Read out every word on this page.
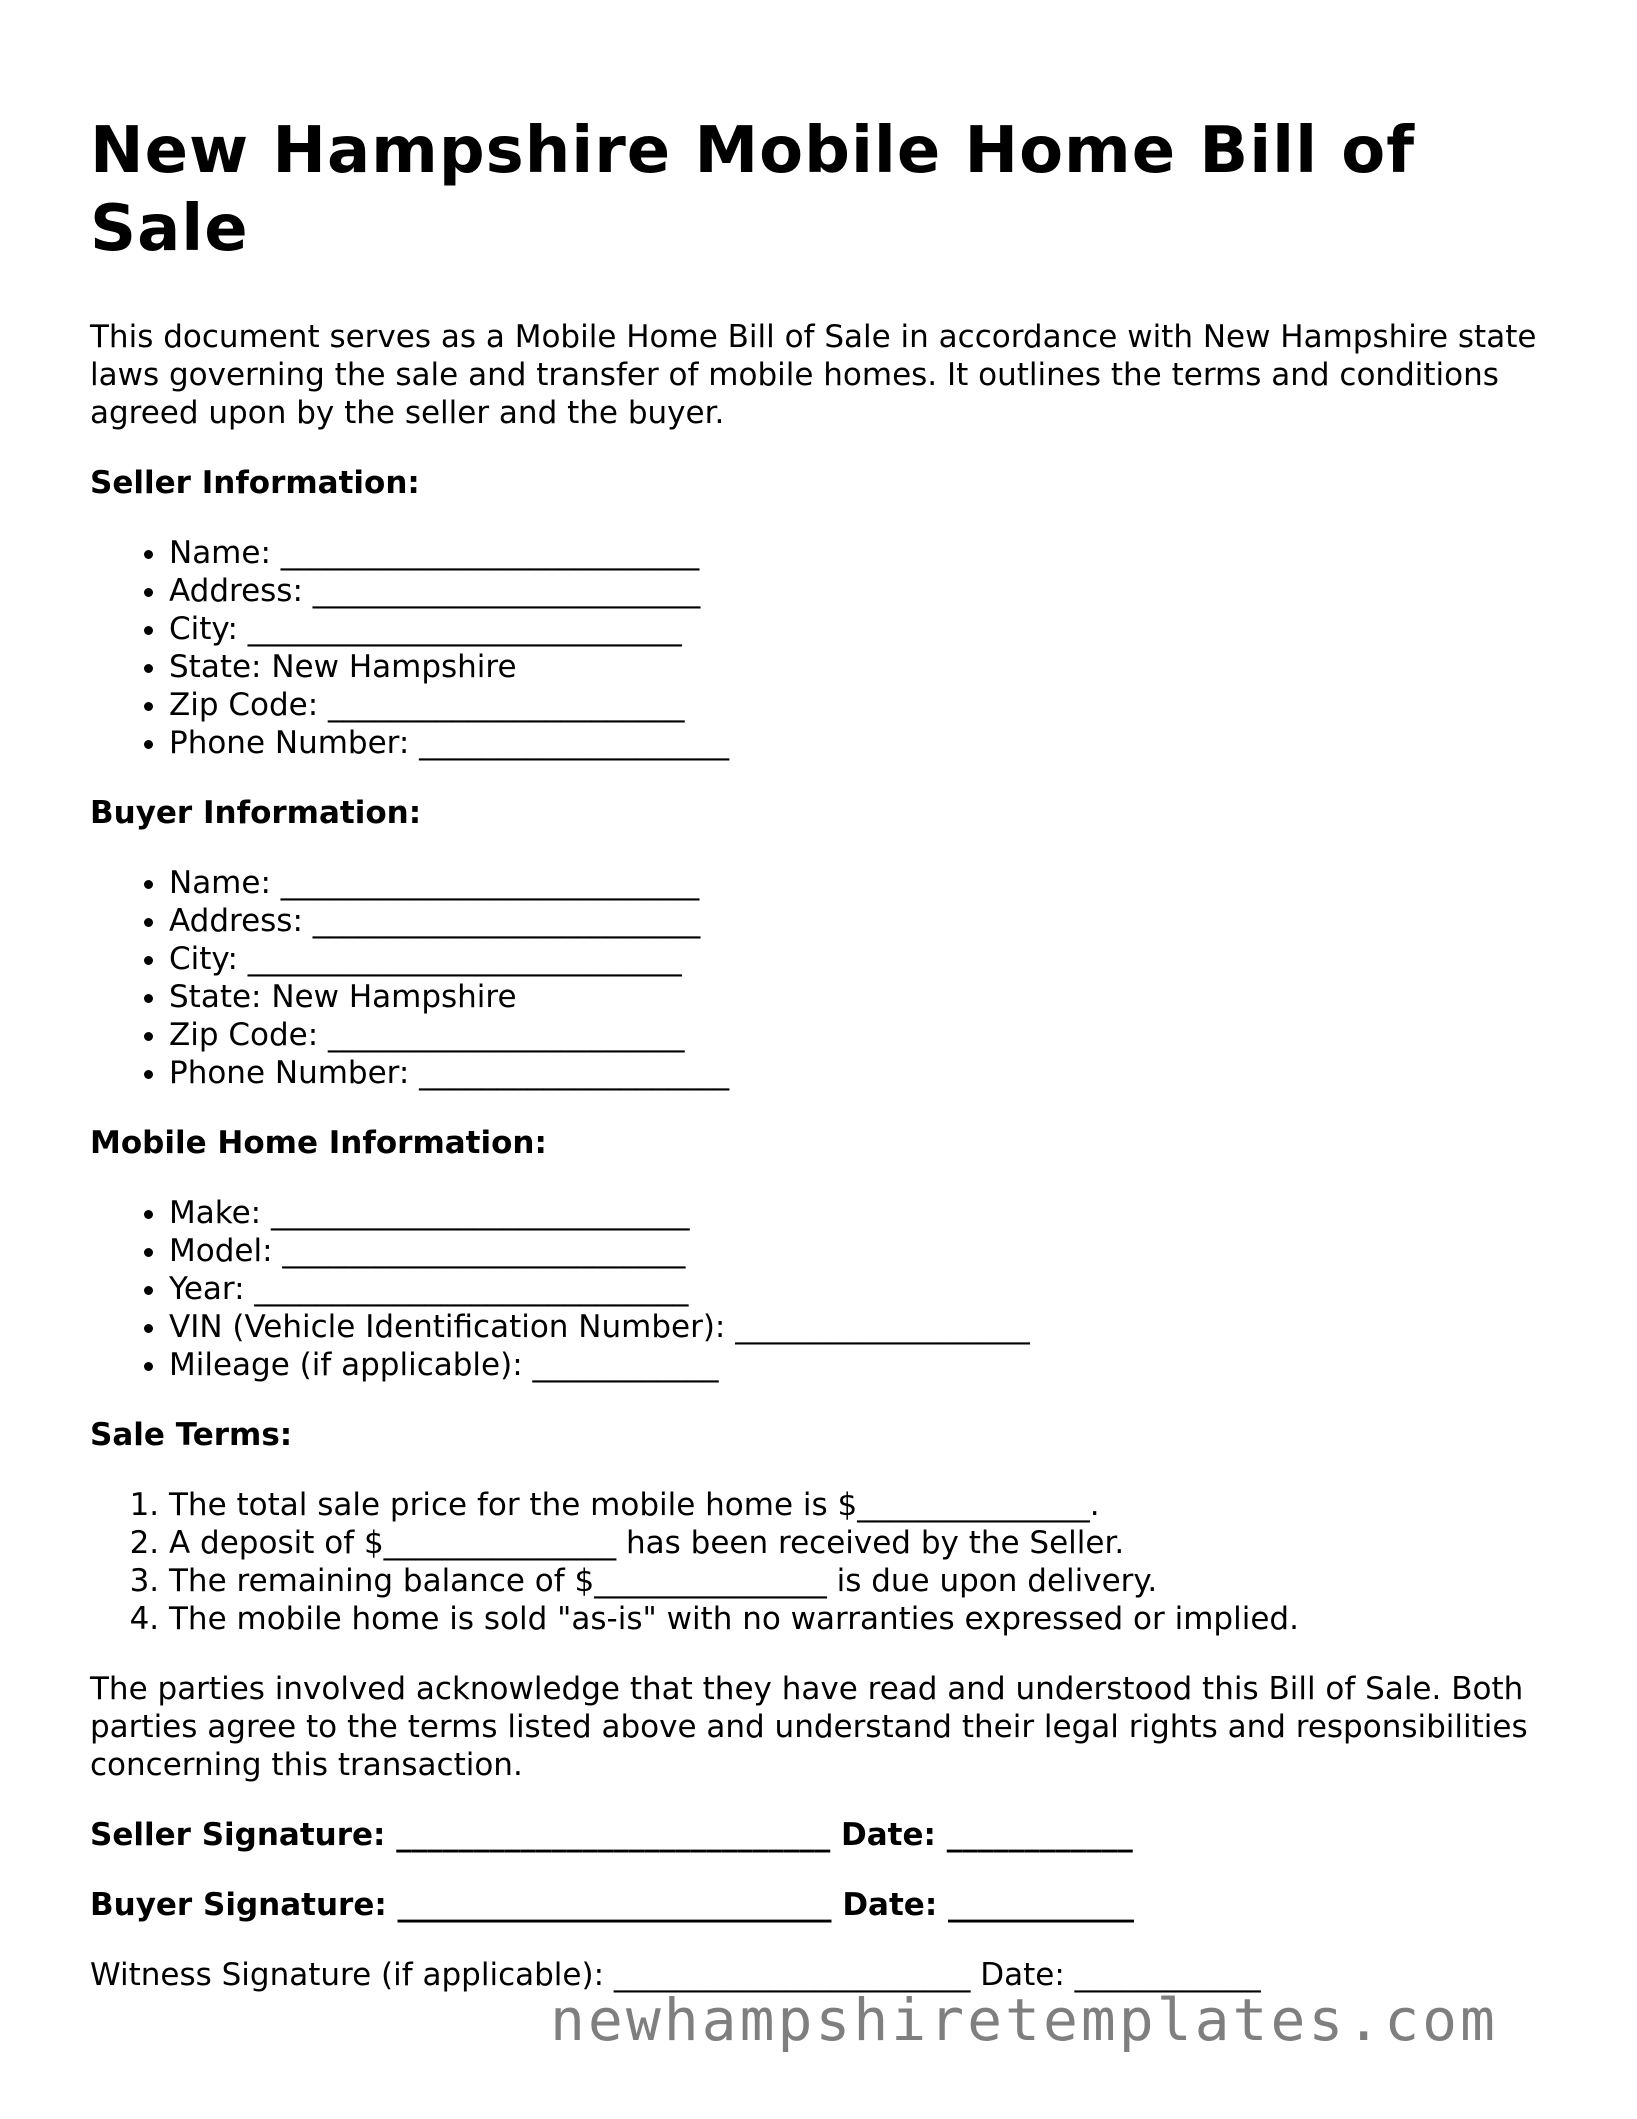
New Hampshire Mobile Home Bill of Sale

This document serves as a Mobile Home Bill of Sale in accordance with New Hampshire state laws governing the sale and transfer of mobile homes. It outlines the terms and conditions agreed upon by the seller and the buyer.

Seller Information:
• Name: ___________________________
• Address: _________________________
• City: ____________________________
• State: New Hampshire
• Zip Code: _______________________
• Phone Number: ____________________
Buyer Information:
• Name: ___________________________
• Address: _________________________
• City: ____________________________
• State: New Hampshire
• Zip Code: _______________________
• Phone Number: ____________________
Mobile Home Information:
• Make: ___________________________
• Model: __________________________
• Year: ____________________________
• VIN (Vehicle Identification Number): ___________________
• Mileage (if applicable): ____________
Sale Terms:
1. The total sale price for the mobile home is $_______________.
2. A deposit of $_______________ has been received by the Seller.
3. The remaining balance of $_______________ is due upon delivery.
4. The mobile home is sold "as-is" with no warranties expressed or implied.

The parties involved acknowledge that they have read and understood this Bill of Sale. Both parties agree to the terms listed above and understand their legal rights and responsibilities concerning this transaction.

Seller Signature: ____________________________ Date: ____________
Buyer Signature: ____________________________ Date: ____________
Witness Signature (if applicable): _______________________ Date: ____________
newhampshiretemplates.com
